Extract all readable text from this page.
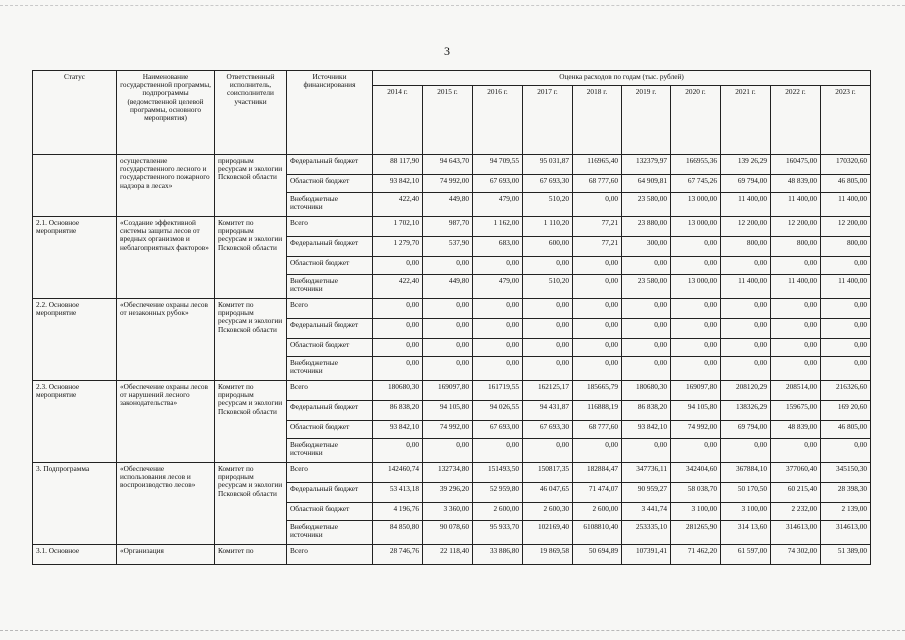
3
Статус	Наименование государственной программы, подпрограммы (ведомственной целевой программы, основного мероприятия)	Ответственный исполнитель, соисполнители участники	Источники финансирования	Оценка расходов по годам (тыс. рублей)									
				2014 г.	2015 г.	2016 г.	2017 г.	2018 г.	2019 г.	2020 г.	2021 г.	2022 г.	2023 г.
	осуществление государственного лесного и государственного пожарного надзора в лесах»	природным ресурсам и экологии Псковской области	Федеральный бюджет	88 117,90	94 643,70	94 709,55	95 031,87	116965,40	132379,97	166955,36	139 26,29	160475,00	170320,60
			Областной бюджет	93 842,10	74 992,00	67 693,00	67 693,30	68 777,60	64 909,81	67 745,26	69 794,00	48 839,00	46 805,00
			Внебюджетные источники	422,40	449,80	479,00	510,20	0,00	23 580,00	13 000,00	11 400,00	11 400,00	11 400,00
2.1. Основное мероприятие	«Создание эффективной системы защиты лесов от вредных организмов и неблагоприятных факторов»	Комитет по природным ресурсам и экологии Псковской области	Всего	1 702,10	987,70	1 162,00	1 110,20	77,21	23 880,00	13 000,00	12 200,00	12 200,00	12 200,00
			Федеральный бюджет	1 279,70	537,90	683,00	600,00	77,21	300,00	0,00	800,00	800,00	800,00
			Областной бюджет	0,00	0,00	0,00	0,00	0,00	0,00	0,00	0,00	0,00	0,00
			Внебюджетные источники	422,40	449,80	479,00	510,20	0,00	23 580,00	13 000,00	11 400,00	11 400,00	11 400,00
2.2. Основное мероприятие	«Обеспечение охраны лесов от незаконных рубок»	Комитет по природным ресурсам и экологии Псковской области	Всего	0,00	0,00	0,00	0,00	0,00	0,00	0,00	0,00	0,00	0,00
			Федеральный бюджет	0,00	0,00	0,00	0,00	0,00	0,00	0,00	0,00	0,00	0,00
			Областной бюджет	0,00	0,00	0,00	0,00	0,00	0,00	0,00	0,00	0,00	0,00
			Внебюджетные источники	0,00	0,00	0,00	0,00	0,00	0,00	0,00	0,00	0,00	0,00
2.3. Основное мероприятие	«Обеспечение охраны лесов от нарушений лесного законодательства»	Комитет по природным ресурсам и экологии Псковской области	Всего	180680,30	169097,80	161719,55	162125,17	185665,79	180680,30	169097,80	208120,29	208514,00	216326,60
			Федеральный бюджет	86 838,20	94 105,80	94 026,55	94 431,87	116888,19	86 838,20	94 105,80	138326,29	159675,00	169 20,60
			Областной бюджет	93 842,10	74 992,00	67 693,00	67 693,30	68 777,60	93 842,10	74 992,00	69 794,00	48 839,00	46 805,00
			Внебюджетные источники	0,00	0,00	0,00	0,00	0,00	0,00	0,00	0,00	0,00	0,00
3. Подпрограмма	«Обеспечение использования лесов и воспроизводство лесов»	Комитет по природным ресурсам и экологии Псковской области	Всего	142460,74	132734,80	151493,50	150817,35	182884,47	347736,11	342404,60	367884,10	377060,40	345150,30
			Федеральный бюджет	53 413,18	39 296,20	52 959,80	46 047,65	71 474,07	90 959,27	58 038,70	50 170,50	60 215,40	28 398,30
			Областной бюджет	4 196,76	3 360,00	2 600,00	2 600,30	2 600,00	3 441,74	3 100,00	3 100,00	2 232,00	2 139,00
			Внебюджетные источники	84 850,80	90 078,60	95 933,70	102169,40	6108810,40	253335,10	281265,90	314 13,60	314613,00	314613,00
3.1. Основное	«Организация	Комитет по	Всего	28 746,76	22 118,40	33 886,80	19 869,58	50 694,89	107391,41	71 462,20	61 597,00	74 302,00	51 389,00
